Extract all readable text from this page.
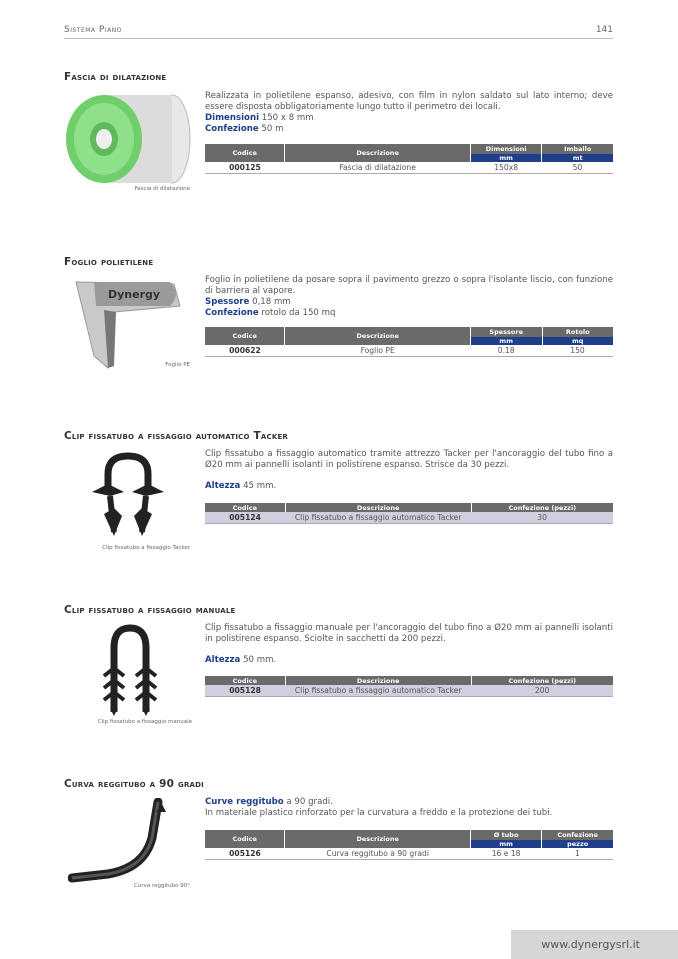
Sistema Piano	141
Fascia di dilatazione
Fascia di dilatazione
Realizzata in polietilene espanso, adesivo, con film in nylon saldato sul lato interno; deve essere disposta obbligatoriamente lungo tutto il perimetro dei locali.
Dimensioni 150 x 8 mm
Confezione 50 m
Codice	Descrizione	Dimensioni	Imballo
		mm	mt
000125	Fascia di dilatazione	150x8	50
Foglio polietilene
Dynergy
Foglio PE
Foglio in polietilene da posare sopra il pavimento grezzo o sopra l'isolante liscio, con funzione di barriera al vapore.
Spessore 0,18 mm
Confezione rotolo da 150 mq
Codice	Descrizione	Spessore	Rotolo
		mm	mq
000622	Foglio PE	0.18	150
Clip fissatubo a fissaggio automatico Tacker
Clip fissatubo a fissaggio Tacker
Clip fissatubo a fissaggio automatico tramite attrezzo Tacker per l'ancoraggio del tubo fino a Ø20 mm ai pannelli isolanti in polistirene espanso. Strisce da 30 pezzi.
Altezza 45 mm.
Codice	Descrizione	Confezione (pezzi)
005124	Clip fissatubo a fissaggio automatico Tacker	30
Clip fissatubo a fissaggio manuale
Clip fissatubo a fissaggio manuale
Clip fissatubo a fissaggio manuale per l'ancoraggio del tubo fino a Ø20 mm ai pannelli isolanti in polistirene espanso. Sciolte in sacchetti da 200 pezzi.
Altezza 50 mm.
Codice	Descrizione	Confezione (pezzi)
005128	Clip fissatubo a fissaggio automatico Tacker	200
Curva reggitubo a 90 gradi
Curva reggitubo 90°
Curve reggitubo a 90 gradi.
In materiale plastico rinforzato per la curvatura a freddo e la protezione dei tubi.
Codice	Descrizione	Ø tubo	Confezione
		mm	pezzo
005126	Curva reggitubo a 90 gradi	16 e 18	1
www.dynergysrl.it
